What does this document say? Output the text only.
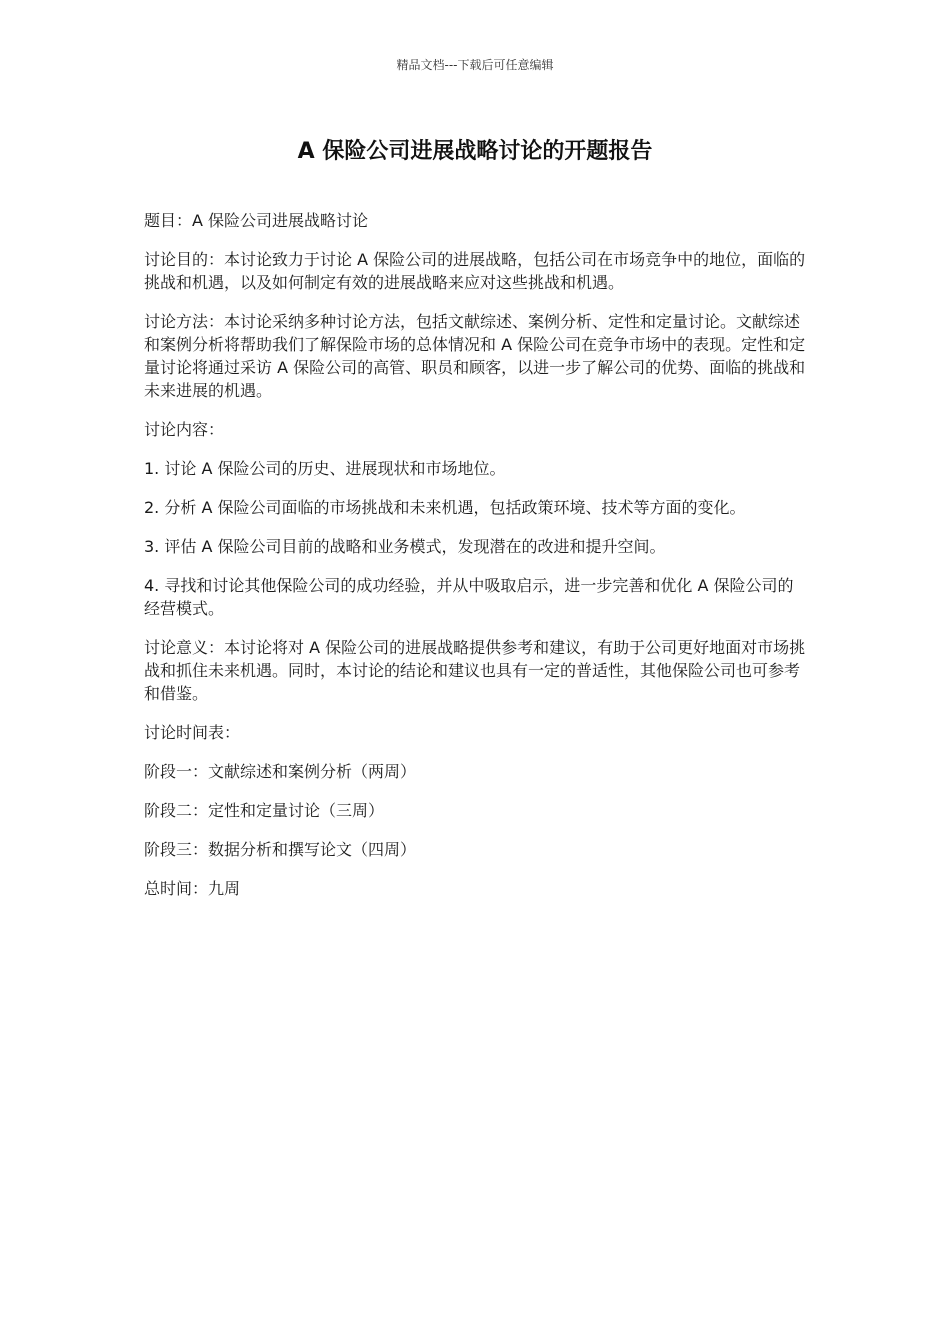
精品文档---下载后可任意编辑
A 保险公司进展战略讨论的开题报告

题目：A 保险公司进展战略讨论

讨论目的：本讨论致力于讨论 A 保险公司的进展战略，包括公司在市场竞争中的地位，面临的挑战和机遇，以及如何制定有效的进展战略来应对这些挑战和机遇。

讨论方法：本讨论采纳多种讨论方法，包括文献综述、案例分析、定性和定量讨论。文献综述和案例分析将帮助我们了解保险市场的总体情况和 A 保险公司在竞争市场中的表现。定性和定量讨论将通过采访 A 保险公司的高管、职员和顾客，以进一步了解公司的优势、面临的挑战和未来进展的机遇。

讨论内容：

1. 讨论 A 保险公司的历史、进展现状和市场地位。

2. 分析 A 保险公司面临的市场挑战和未来机遇，包括政策环境、技术等方面的变化。

3. 评估 A 保险公司目前的战略和业务模式，发现潜在的改进和提升空间。

4. 寻找和讨论其他保险公司的成功经验，并从中吸取启示，进一步完善和优化 A 保险公司的经营模式。

讨论意义：本讨论将对 A 保险公司的进展战略提供参考和建议，有助于公司更好地面对市场挑战和抓住未来机遇。同时，本讨论的结论和建议也具有一定的普适性，其他保险公司也可参考和借鉴。

讨论时间表：

阶段一：文献综述和案例分析（两周）

阶段二：定性和定量讨论（三周）

阶段三：数据分析和撰写论文（四周）

总时间：九周
